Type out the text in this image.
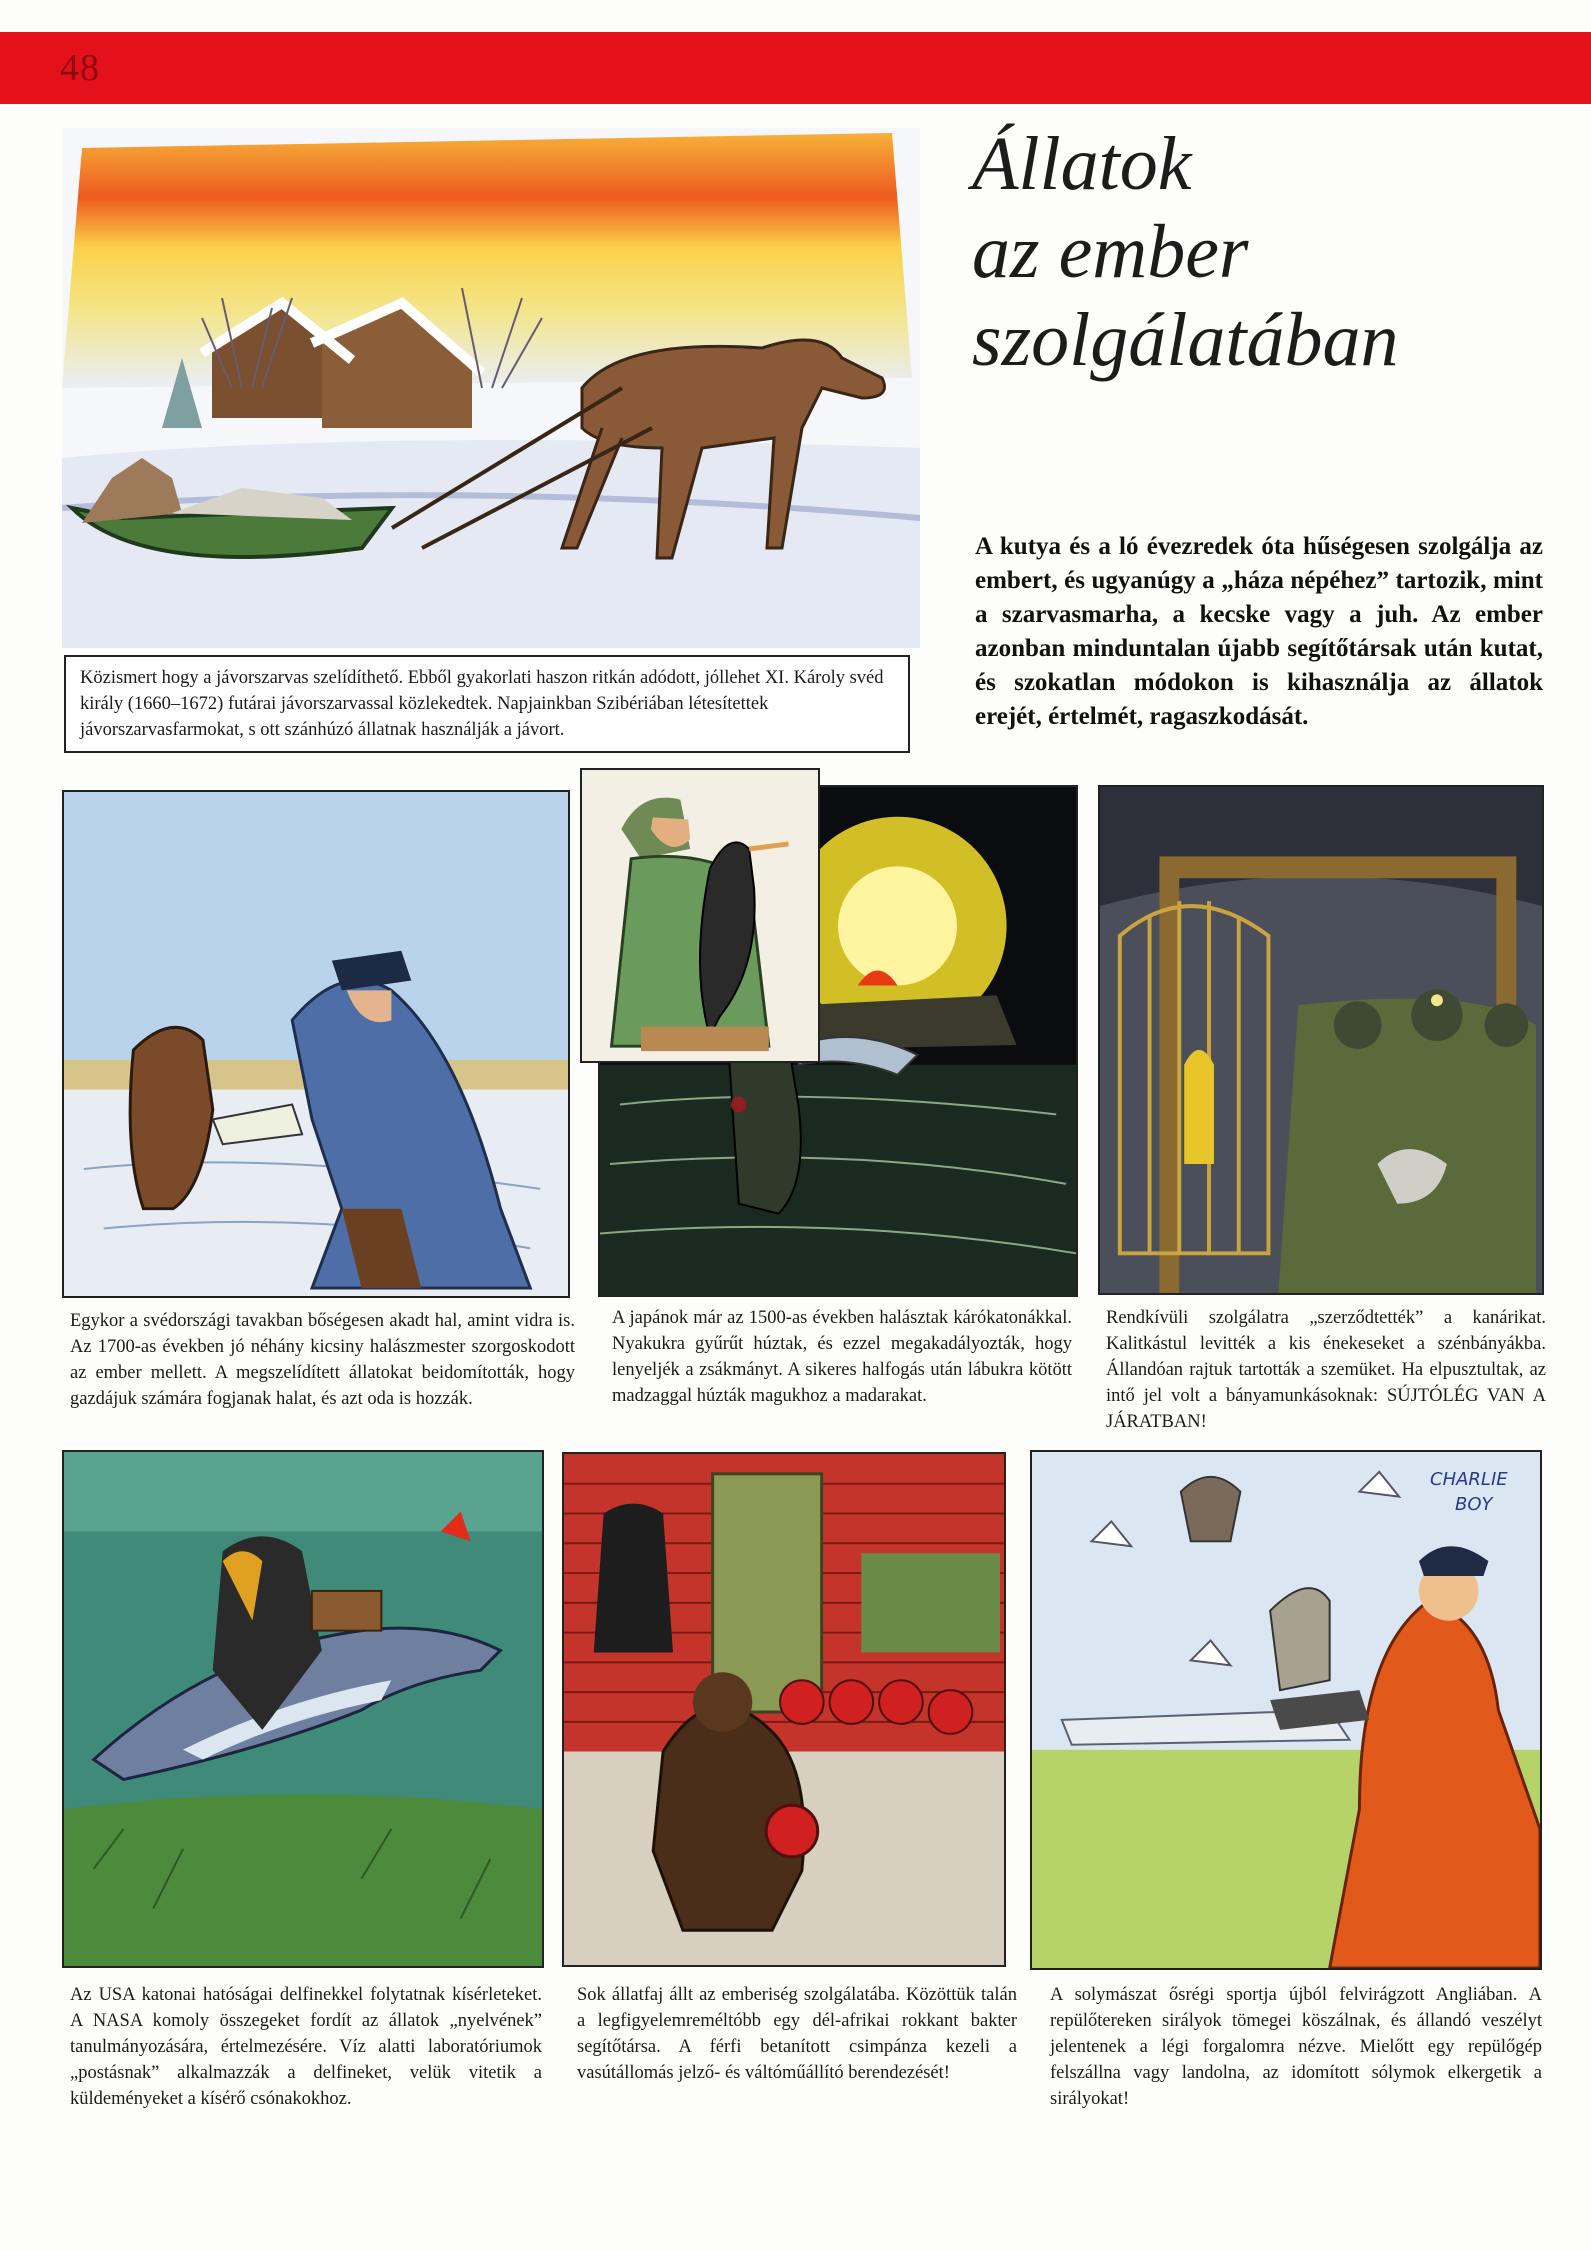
48
Közismert hogy a jávorszarvas szelídíthető. Ebből gyakorlati haszon ritkán adódott, jóllehet XI. Károly svéd király (1660–1672) futárai jávorszarvassal közlekedtek. Napjainkban Szibériában létesítettek jávorszarvasfarmokat, s ott szánhúzó állatnak használják a jávort.
Állatok
az ember
szolgálatában
A kutya és a ló évezredek óta hűségesen szolgálja az embert, és ugyanúgy a „háza népéhez” tartozik, mint a szarvasmarha, a kecske vagy a juh. Az ember azonban minduntalan újabb segítőtársak után kutat, és szokatlan módokon is kihasználja az állatok erejét, értelmét, ragaszkodását.
Egykor a svédországi tavakban bőségesen akadt hal, amint vidra is. Az 1700-as években jó néhány kicsiny halászmester szorgoskodott az ember mellett. A megszelídített állatokat beidomították, hogy gazdájuk számára fogjanak halat, és azt oda is hozzák.
A japánok már az 1500-as években halásztak kárókatonákkal. Nyakukra gyűrűt húztak, és ezzel megakadályozták, hogy lenyeljék a zsákmányt. A sikeres halfogás után lábukra kötött madzaggal húzták magukhoz a madarakat.
Rendkívüli szolgálatra „szerződtették” a kanárikat. Kalitkástul levitték a kis énekeseket a szénbányákba. Állandóan rajtuk tartották a szemüket. Ha elpusztultak, az intő jel volt a bányamunkásoknak: SÚJTÓLÉG VAN A JÁRATBAN!
CHARLIE
BOY
Az USA katonai hatóságai delfinekkel folytatnak kísérleteket. A NASA komoly összegeket fordít az állatok „nyelvének” tanulmányozására, értelmezésére. Víz alatti laboratóriumok „postásnak” alkalmazzák a delfineket, velük vitetik a küldeményeket a kísérő csónakokhoz.
Sok állatfaj állt az emberiség szolgálatába. Közöttük talán a legfigyelemreméltóbb egy dél-afrikai rokkant bakter segítőtársa. A férfi betanított csimpánza kezeli a vasútállomás jelző- és váltóműállító berendezését!
A solymászat ősrégi sportja újból felvirágzott Angliában. A repülőtereken sirályok tömegei köszálnak, és állandó veszélyt jelentenek a légi forgalomra nézve. Mielőtt egy repülőgép felszállna vagy landolna, az idomított sólymok elkergetik a sirályokat!
